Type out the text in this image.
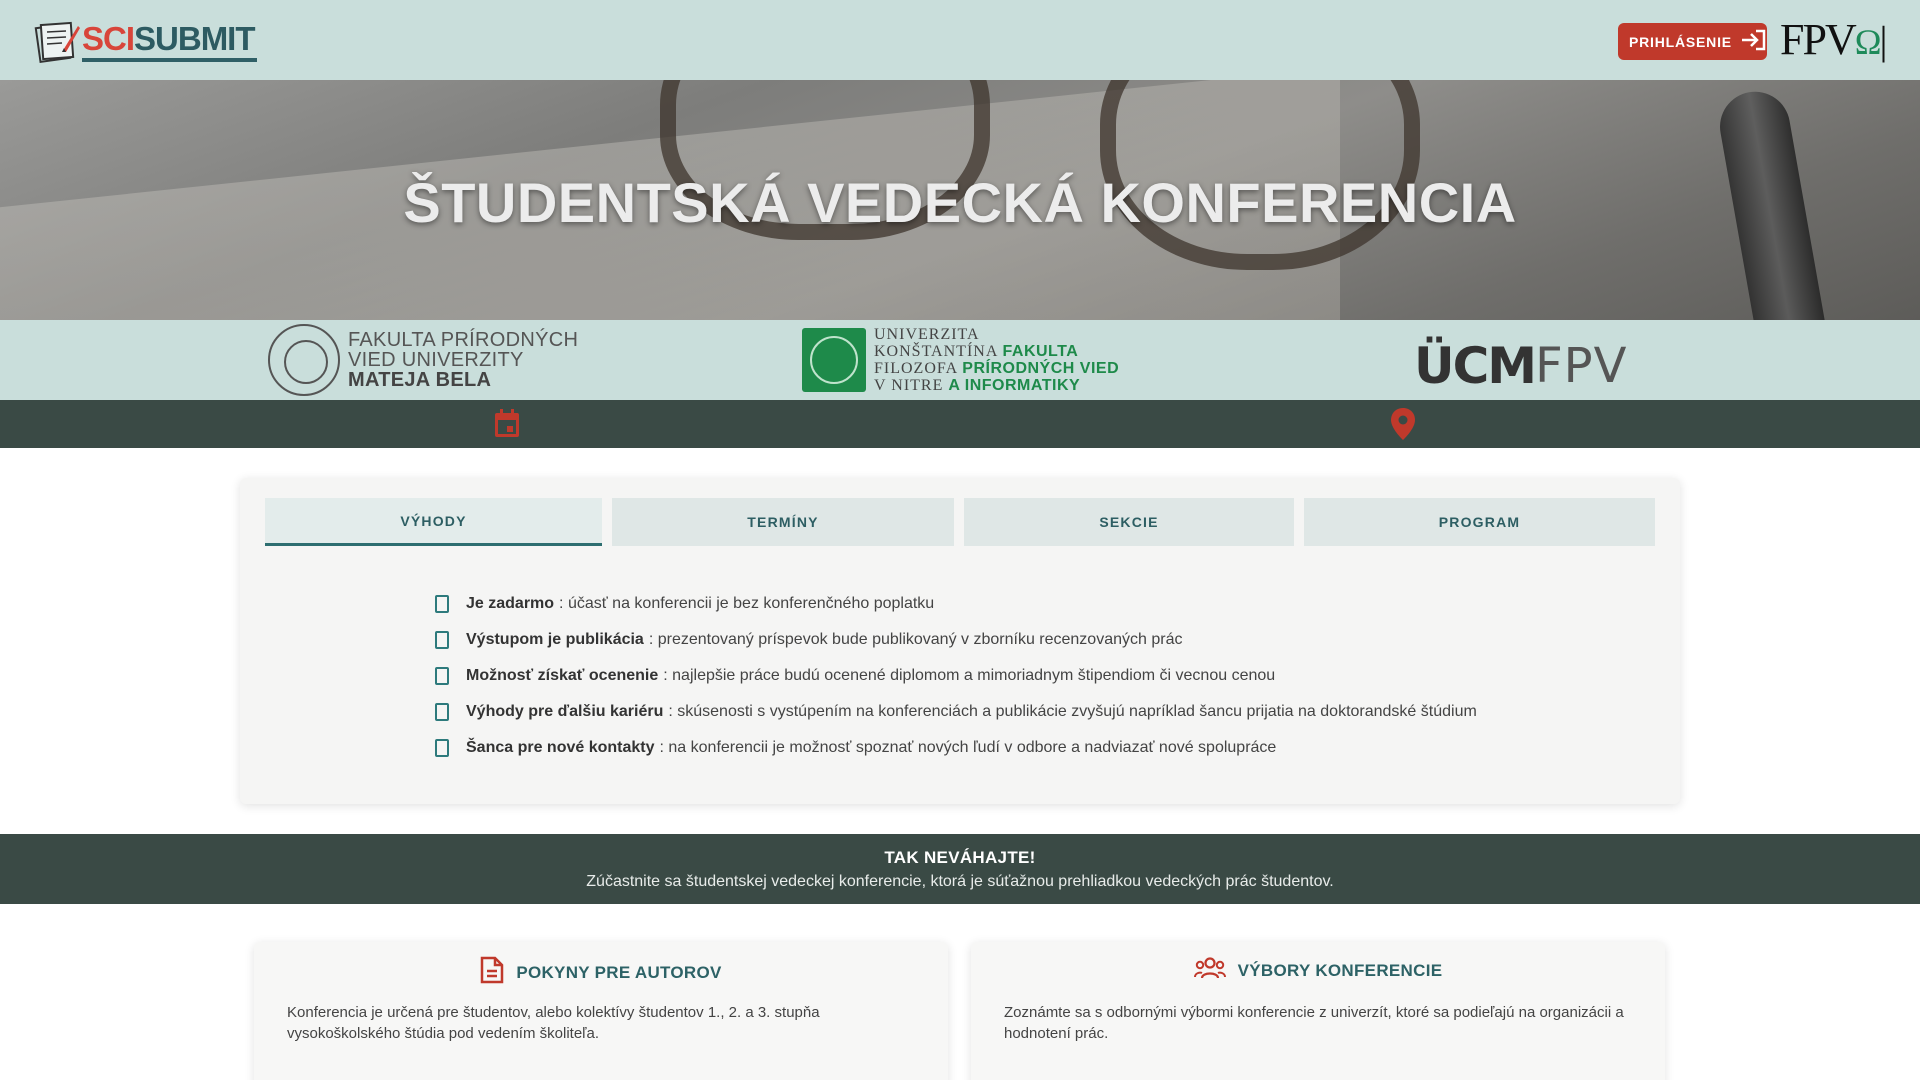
SCISUBMIT	PRIHLÁSENIE FPVΩ|
ŠTUDENTSKÁ VEDECKÁ KONFERENCIA
FAKULTA PRÍRODNÝCH
VIED UNIVERZITY
MATEJA BELA
UNIVERZITA
KONŠTANTÍNA FAKULTA
FILOZOFA PRÍRODNÝCH VIED
V NITRE A INFORMATIKY	ÜCM FPV
VÝHODY	TERMÍNY	SEKCIE	PROGRAM
Je zadarmo : účasť na konferencii je bez konferenčného poplatku
Výstupom je publikácia : prezentovaný príspevok bude publikovaný v zborníku recenzovaných prác
Možnosť získať ocenenie : najlepšie práce budú ocenené diplomom a mimoriadnym štipendiom či vecnou cenou
Výhody pre ďalšiu kariéru : skúsenosti s vystúpením na konferenciách a publikácie zvyšujú napríklad šancu prijatia na doktorandské štúdium
Šanca pre nové kontakty : na konferencii je možnosť spoznať nových ľudí v odbore a nadviazať nové spolupráce
TAK NEVÁHAJTE!
Zúčastnite sa študentskej vedeckej konferencie, ktorá je súťažnou prehliadkou vedeckých prác študentov.
POKYNY PRE AUTOROV
Konferencia je určená pre študentov, alebo kolektívy študentov 1., 2. a 3. stupňa vysokoškolského štúdia pod vedením školiteľa.
VÝBORY KONFERENCIE
Zoznámte sa s odbornými výbormi konferencie z univerzít, ktoré sa podieľajú na organizácii a hodnotení prác.
